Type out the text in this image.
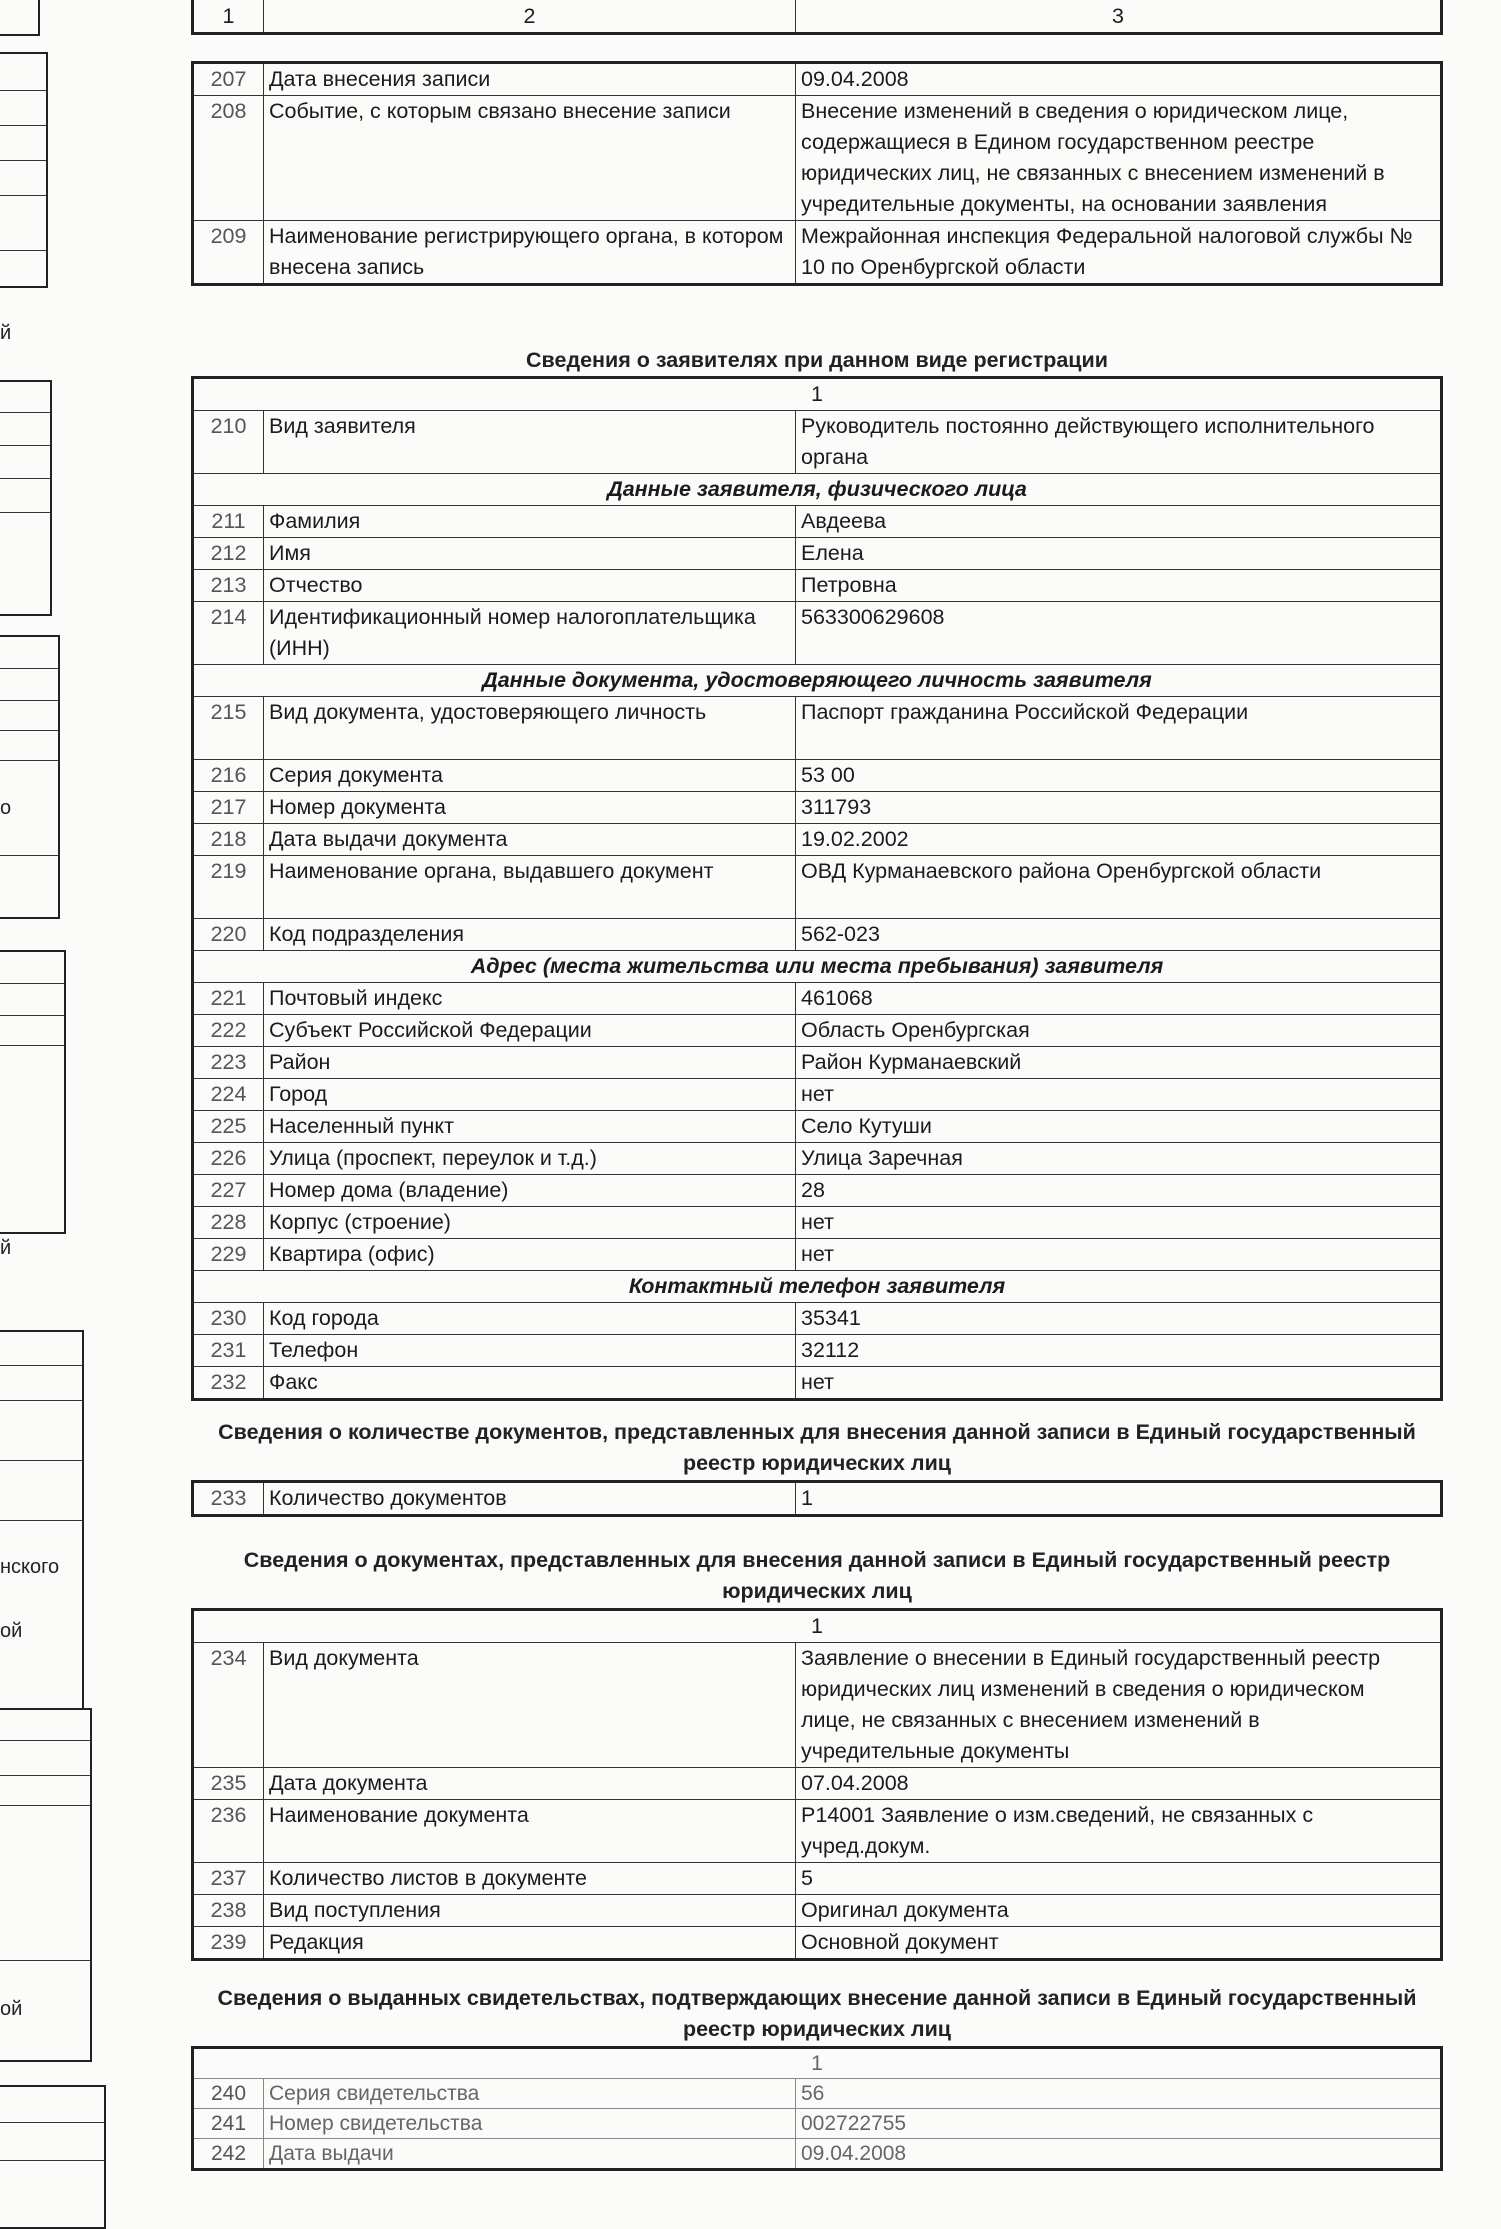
й
о
й
нского
ой
ой
1	2	3
207	Дата внесения записи	09.04.2008
208	Событие, с которым связано внесение записи	Внесение изменений в сведения о юридическом лице, содержащиеся в Едином государственном реестре юридических лиц, не связанных с внесением изменений в учредительные документы, на основании заявления
209	Наименование регистрирующего органа, в котором внесена запись	Межрайонная инспекция Федеральной налоговой службы № 10 по Оренбургской области
Сведения о заявителях при данном виде регистрации
1		
210	Вид заявителя	Руководитель постоянно действующего исполнительного органа
Данные заявителя, физического лица		
211	Фамилия	Авдеева
212	Имя	Елена
213	Отчество	Петровна
214	Идентификационный номер налогоплательщика (ИНН)	563300629608
Данные документа, удостоверяющего личность заявителя		
215	Вид документа, удостоверяющего личность	Паспорт гражданина Российской Федерации
216	Серия документа	53 00
217	Номер документа	311793
218	Дата выдачи документа	19.02.2002
219	Наименование органа, выдавшего документ	ОВД Курманаевского района Оренбургской области
220	Код подразделения	562-023
Адрес (места жительства или места пребывания) заявителя		
221	Почтовый индекс	461068
222	Субъект Российской Федерации	Область Оренбургская
223	Район	Район Курманаевский
224	Город	нет
225	Населенный пункт	Село Кутуши
226	Улица (проспект, переулок и т.д.)	Улица Заречная
227	Номер дома (владение)	28
228	Корпус (строение)	нет
229	Квартира (офис)	нет
Контактный телефон заявителя		
230	Код города	35341
231	Телефон	32112
232	Факс	нет
Сведения о количестве документов, представленных для внесения данной записи в Единый государственный реестр юридических лиц
233	Количество документов	1
Сведения о документах, представленных для внесения данной записи в Единый государственный реестр юридических лиц
1		
234	Вид документа	Заявление о внесении в Единый государственный реестр юридических лиц изменений в сведения о юридическом лице, не связанных с внесением изменений в учредительные документы
235	Дата документа	07.04.2008
236	Наименование документа	Р14001 Заявление о изм.сведений, не связанных с учред.докум.
237	Количество листов в документе	5
238	Вид поступления	Оригинал документа
239	Редакция	Основной документ
Сведения о выданных свидетельствах, подтверждающих внесение данной записи в Единый государственный реестр юридических лиц
1		
240	Серия свидетельства	56
241	Номер свидетельства	002722755
242	Дата выдачи	09.04.2008
